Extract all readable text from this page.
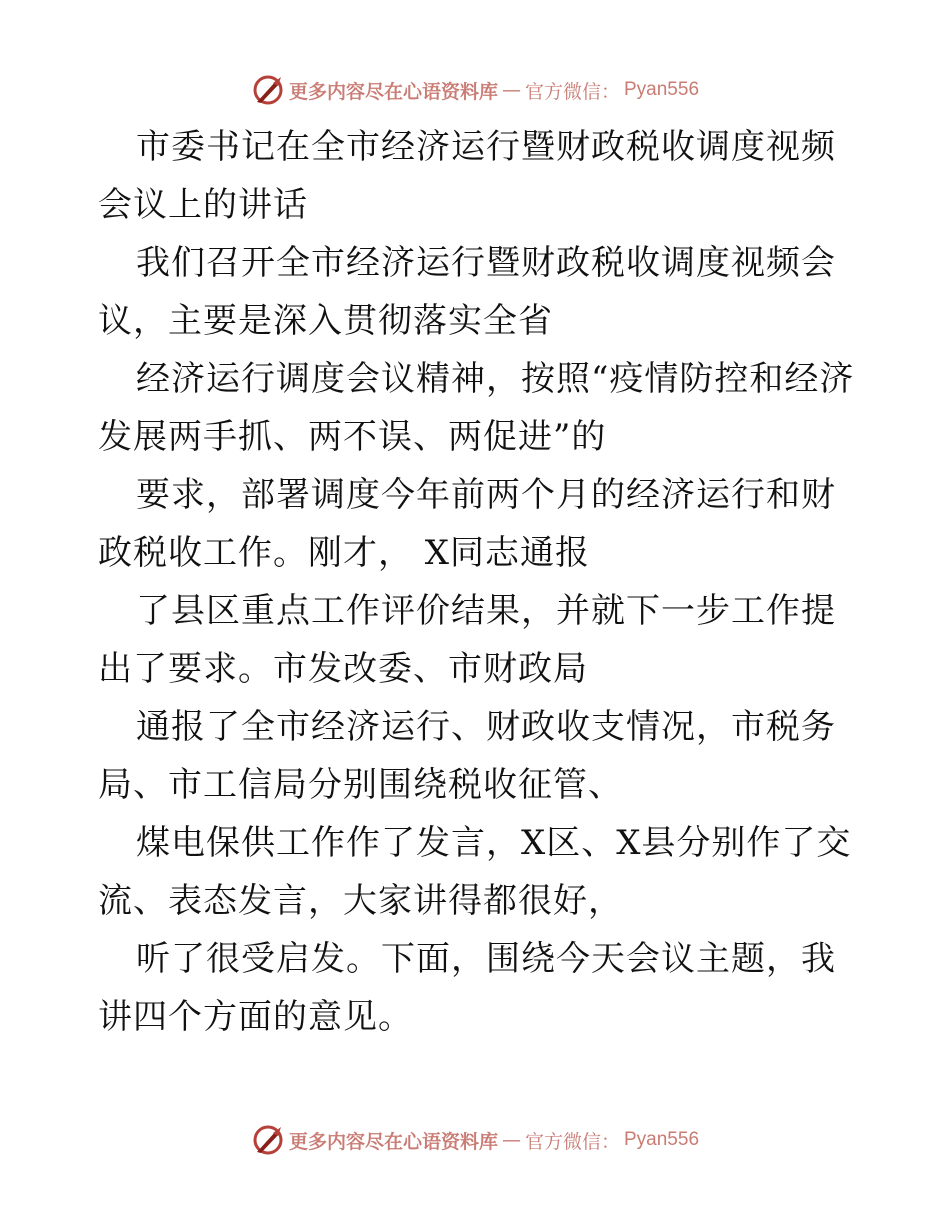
更多内容尽在心语资料库 — 官方微信： Pyan556

市委书记在全市经济运行暨财政税收调度视频会议上的讲话

我们召开全市经济运行暨财政税收调度视频会议，主要是深入贯彻落实全省

经济运行调度会议精神，按照“疫情防控和经济发展两手抓、两不误、两促进”的

要求，部署调度今年前两个月的经济运行和财政税收工作。刚才， X同志通报

了县区重点工作评价结果，并就下一步工作提出了要求。市发改委、市财政局

通报了全市经济运行、财政收支情况，市税务局、市工信局分别围绕税收征管、

煤电保供工作作了发言，X区、X县分别作了交流、表态发言，大家讲得都很好，

听了很受启发。下面，围绕今天会议主题，我讲四个方面的意见。

更多内容尽在心语资料库 — 官方微信： Pyan556
